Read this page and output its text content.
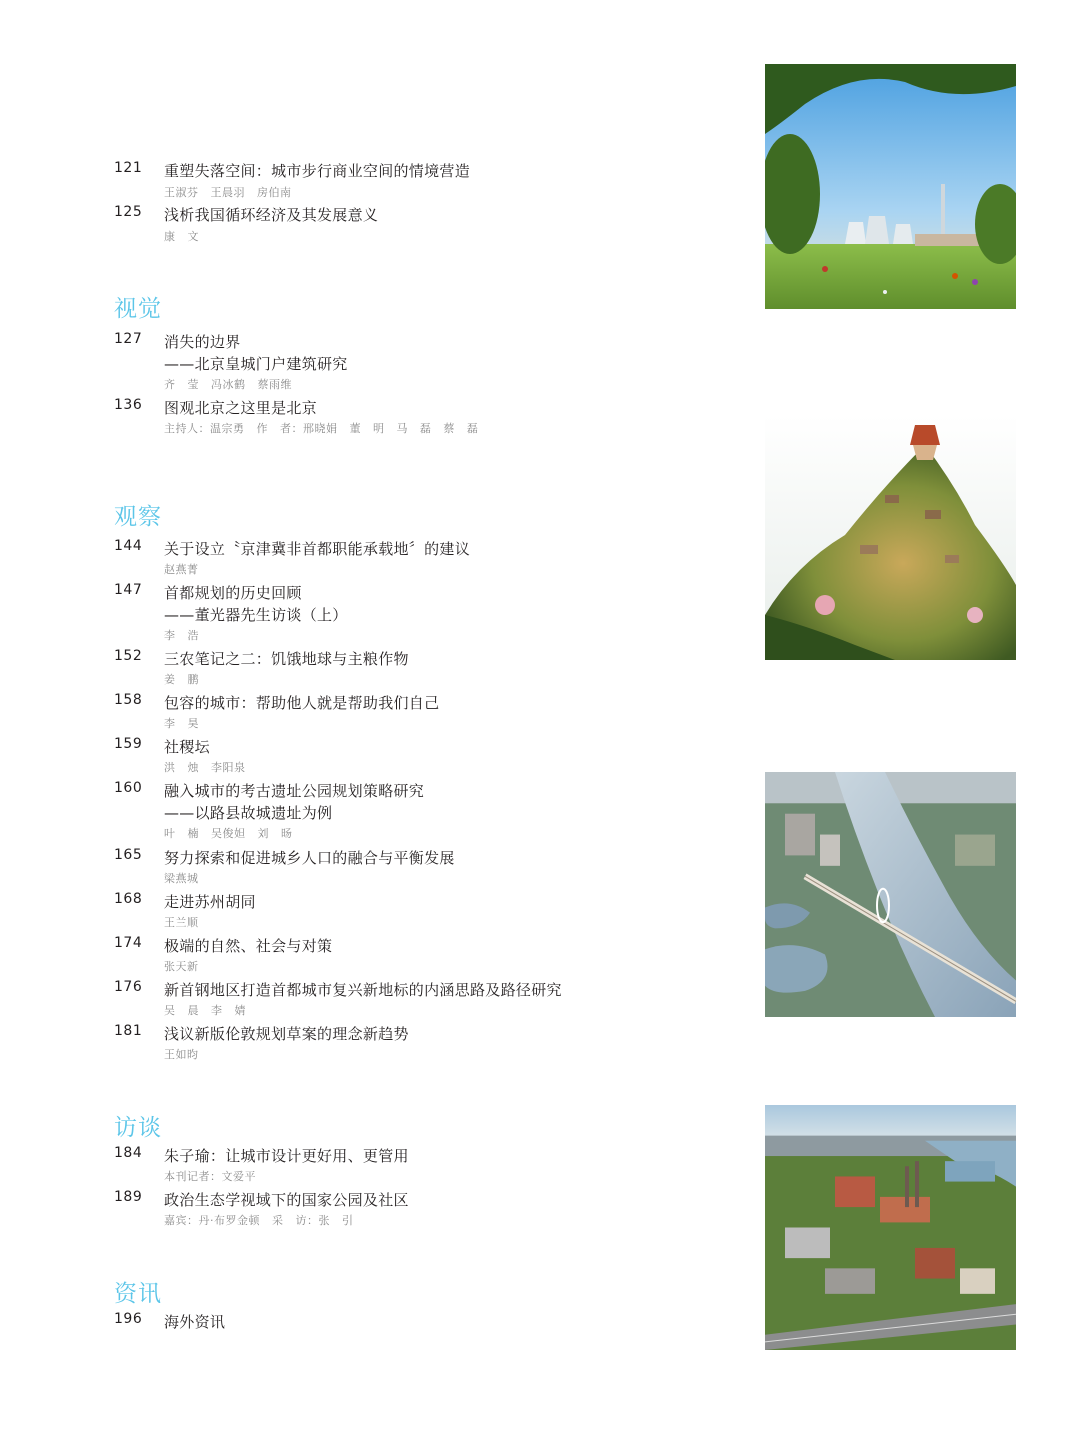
121 重塑失落空间：城市步行商业空间的情境营造
王淑芬   王晨羽   房伯南
125 浅析我国循环经济及其发展意义
康   文
视觉
127 消失的边界
——北京皇城门户建筑研究
齐   莹   冯冰鹤   蔡雨维
136 图观北京之这里是北京
主持人：温宗勇   作   者：邢晓娟   董   明   马   磊   蔡   磊
观察
144 关于设立〝京津冀非首都职能承载地〞的建议
赵燕菁
147 首都规划的历史回顾
——董光器先生访谈（上）
李   浩
152 三农笔记之二：饥饿地球与主粮作物
姜   鹏
158 包容的城市：帮助他人就是帮助我们自己
李   昊
159 社稷坛
洪   烛   李阳泉
160 融入城市的考古遗址公园规划策略研究
——以路县故城遗址为例
叶   楠   吴俊妲   刘   旸
165 努力探索和促进城乡人口的融合与平衡发展
梁燕城
168 走进苏州胡同
王兰顺
174 极端的自然、社会与对策
张天新
176 新首钢地区打造首都城市复兴新地标的内涵思路及路径研究
吴   晨   李   婧
181 浅议新版伦敦规划草案的理念新趋势
王如昀
访谈
184 朱子瑜：让城市设计更好用、更管用
本刊记者：文爱平
189 政治生态学视域下的国家公园及社区
嘉宾：丹·布罗金顿   采   访：张   引
资讯
196 海外资讯
